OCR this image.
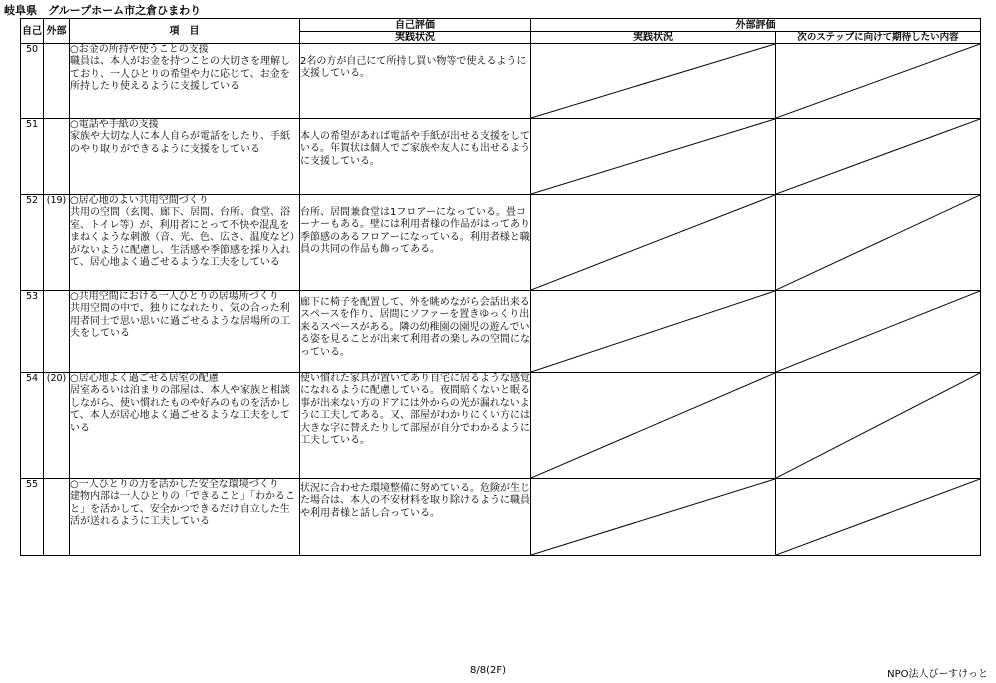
岐阜県　グループホーム市之倉ひまわり
自己	外部	項　目	自己評価	外部評価	
			実践状況	実践状況	次のステップに向けて期待したい内容
50		○お金の所持や使うことの支援
職員は、本人がお金を持つことの大切さを理解しており、一人ひとりの希望や力に応じて、お金を所持したり使えるように支援している	2名の方が自己にて所持し買い物等で使えるように支援している。

51		○電話や手紙の支援
家族や大切な人に本人自らが電話をしたり、手紙のやり取りができるように支援をしている	本人の希望があれば電話や手紙が出せる支援をしている。年賀状は個人でご家族や友人にも出せるように支援している。

52	(19)	○居心地のよい共用空間づくり
共用の空間（玄関、廊下、居間、台所、食堂、浴室、トイレ等）が、利用者にとって不快や混乱をまねくような刺激（音、光、色、広さ、温度など）がないように配慮し、生活感や季節感を採り入れて、居心地よく過ごせるような工夫をしている	台所、居間兼食堂は1フロアーになっている。畳コーナーもある。壁には利用者様の作品がはってあり季節感のあるフロアーになっている。利用者様と職員の共同の作品も飾ってある。

53		○共用空間における一人ひとりの居場所づくり
共用空間の中で、独りになれたり、気の合った利用者同士で思い思いに過ごせるような居場所の工夫をしている	廊下に椅子を配置して、外を眺めながら会話出来るスペースを作り、居間にソファーを置きゆっくり出来るスペースがある。隣の幼稚園の園児の遊んでいる姿を見ることが出来て利用者の楽しみの空間になっている。

54	(20)	○居心地よく過ごせる居室の配慮
居室あるいは泊まりの部屋は、本人や家族と相談しながら、使い慣れたものや好みのものを活かして、本人が居心地よく過ごせるような工夫をしている	使い慣れた家具が置いてあり自宅に居るような感覚になれるように配慮している。夜間暗くないと眠る事が出来ない方のドアには外からの光が漏れないように工夫してある。又、部屋がわかりにくい方には大きな字に替えたりして部屋が自分でわかるように工夫している。

55		○一人ひとりの力を活かした安全な環境づくり
建物内部は一人ひとりの「できること」「わかること」を活かして、安全かつできるだけ自立した生活が送れるように工夫している	状況に合わせた環境整備に努めている。危険が生じた場合は、本人の不安材料を取り除けるように職員や利用者様と話し合っている。

8/8(2F)	NPO法人びーすけっと
